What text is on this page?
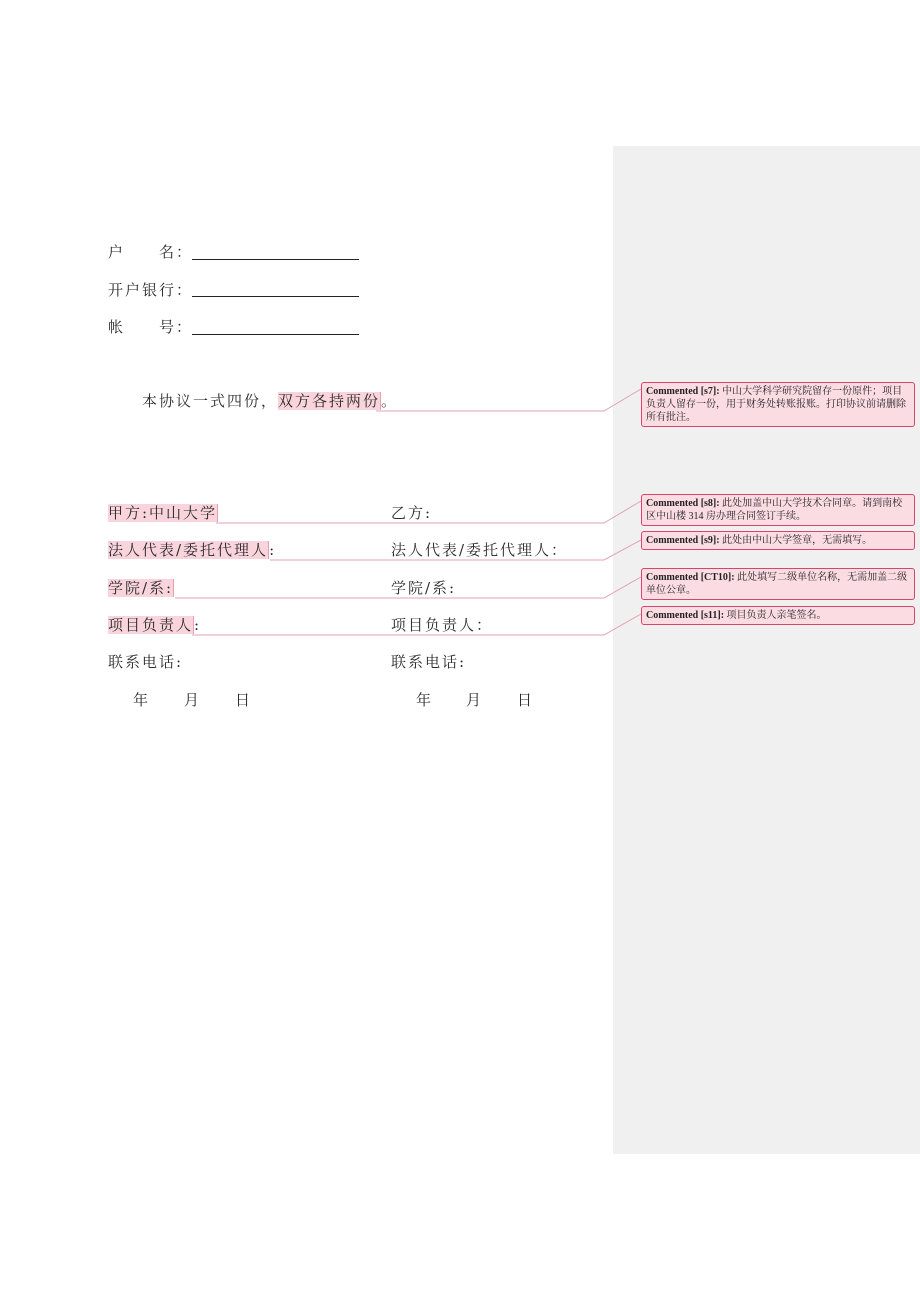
户　　名：
开户银行：
帐　　号：
本协议一式四份，双方各持两份。
甲方:中山大学
法人代表/委托代理人:
学院/系:
项目负责人:
联系电话:
年 月 日
乙方:
法人代表/委托代理人：
学院/系:
项目负责人：
联系电话:
年 月 日
Commented [s7]: 中山大学科学研究院留存一份原件；项目负责人留存一份，用于财务处转账报账。打印协议前请删除所有批注。
Commented [s8]: 此处加盖中山大学技术合同章。请到南校区中山楼 314 房办理合同签订手续。
Commented [s9]: 此处由中山大学签章，无需填写。
Commented [CT10]: 此处填写二级单位名称，无需加盖二级单位公章。
Commented [s11]: 项目负责人亲笔签名。
